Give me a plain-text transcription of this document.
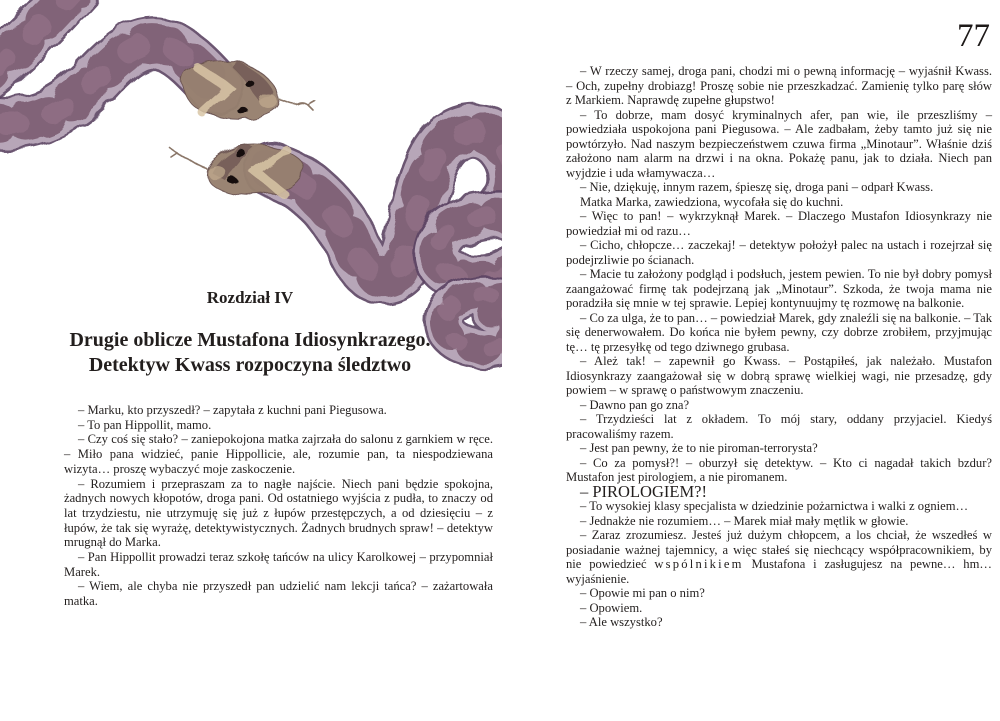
77
Rozdział IV
Drugie oblicze Mustafona Idiosynkrazego.
Detektyw Kwass rozpoczyna śledztwo

– Marku, kto przyszedł? – zapytała z kuchni pani Piegusowa.

– To pan Hippollit, mamo.

– Czy coś się stało? – zaniepokojona matka zajrzała do salonu z garnkiem w ręce. – Miło pana widzieć, panie Hippollicie, ale, rozumie pan, ta niespodziewana wizyta… proszę wybaczyć moje zaskoczenie.

– Rozumiem i przepraszam za to nagłe najście. Niech pani będzie spokojna, żadnych nowych kłopotów, droga pani. Od ostatniego wyjścia z pudła, to znaczy od lat trzydziestu, nie utrzymuję się już z łupów przestępczych, a od dziesięciu – z łupów, że tak się wyrażę, detektywistycznych. Żadnych brudnych spraw! – detektyw mrugnął do Marka.

– Pan Hippollit prowadzi teraz szkołę tańców na ulicy Karolkowej – przypomniał Marek.

– Wiem, ale chyba nie przyszedł pan udzielić nam lekcji tańca? – zażartowała matka.

– W rzeczy samej, droga pani, chodzi mi o pewną informację – wyjaśnił Kwass. – Och, zupełny drobiazg! Proszę sobie nie przeszkadzać. Zamienię tylko parę słów z Markiem. Naprawdę zupełne głupstwo!

– To dobrze, mam dosyć kryminalnych afer, pan wie, ile przeszliśmy – powiedziała uspokojona pani Piegusowa. – Ale zadbałam, żeby tamto już się nie powtórzyło. Nad naszym bezpieczeństwem czuwa firma „Minotaur”. Właśnie dziś założono nam alarm na drzwi i na okna. Pokażę panu, jak to działa. Niech pan wyjdzie i uda włamywacza…

– Nie, dziękuję, innym razem, śpieszę się, droga pani – odparł Kwass.

Matka Marka, zawiedziona, wycofała się do kuchni.

– Więc to pan! – wykrzyknął Marek. – Dlaczego Mustafon Idiosynkrazy nie powiedział mi od razu…

– Cicho, chłopcze… zaczekaj! – detektyw położył palec na ustach i rozejrzał się podejrzliwie po ścianach.

– Macie tu założony podgląd i podsłuch, jestem pewien. To nie był dobry pomysł zaangażować firmę tak podejrzaną jak „Minotaur”. Szkoda, że twoja mama nie poradziła się mnie w tej sprawie. Lepiej kontynuujmy tę rozmowę na balkonie.

– Co za ulga, że to pan… – powiedział Marek, gdy znaleźli się na balkonie. – Tak się denerwowałem. Do końca nie byłem pewny, czy dobrze zrobiłem, przyjmując tę… tę przesyłkę od tego dziwnego grubasa.

– Ależ tak! – zapewnił go Kwass. – Postąpiłeś, jak należało. Mustafon Idiosynkrazy zaangażował się w dobrą sprawę wielkiej wagi, nie przesadzę, gdy powiem – w sprawę o państwowym znaczeniu.

– Dawno pan go zna?

– Trzydzieści lat z okładem. To mój stary, oddany przyjaciel. Kiedyś pracowaliśmy razem.

– Jest pan pewny, że to nie piroman-terrorysta?

– Co za pomysł?! – oburzył się detektyw. – Kto ci nagadał takich bzdur? Mustafon jest pirologiem, a nie piromanem.

– PIROLOGIEM?!

– To wysokiej klasy specjalista w dziedzinie pożarnictwa i walki z ogniem…

– Jednakże nie rozumiem… – Marek miał mały mętlik w głowie.

– Zaraz zrozumiesz. Jesteś już dużym chłopcem, a los chciał, że wszedłeś w posiadanie ważnej tajemnicy, a więc stałeś się niechcący współpracownikiem, by nie powiedzieć wspólnikiem Mustafona i zasługujesz na pewne… hm… wyjaśnienie.

– Opowie mi pan o nim?

– Opowiem.

– Ale wszystko?
